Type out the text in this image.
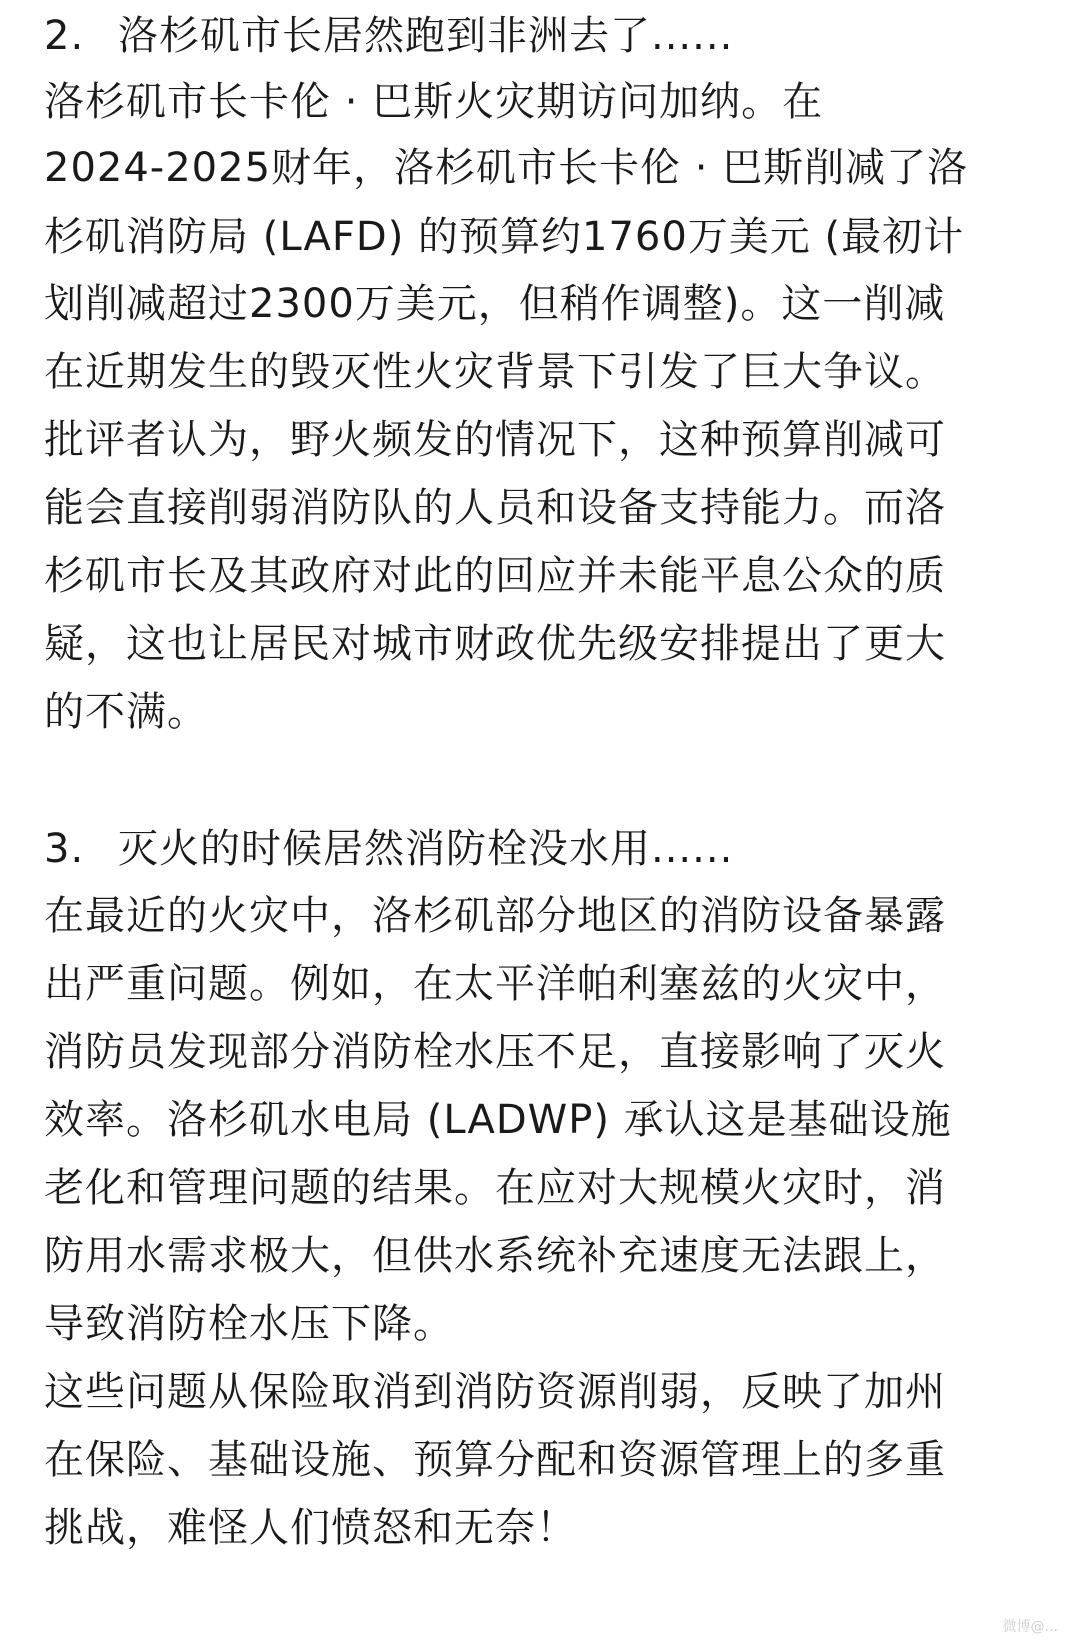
2. 洛杉矶市长居然跑到非洲去了......
洛杉矶市长卡伦 · 巴斯火灾期访问加纳。在
2024-2025财年，洛杉矶市长卡伦 · 巴斯削减了洛
杉矶消防局 (LAFD) 的预算约1760万美元 (最初计
划削减超过2300万美元，但稍作调整)。这一削减
在近期发生的毁灭性火灾背景下引发了巨大争议。
批评者认为，野火频发的情况下，这种预算削减可
能会直接削弱消防队的人员和设备支持能力。而洛
杉矶市长及其政府对此的回应并未能平息公众的质
疑，这也让居民对城市财政优先级安排提出了更大
的不满。
3. 灭火的时候居然消防栓没水用......
在最近的火灾中，洛杉矶部分地区的消防设备暴露
出严重问题。例如，在太平洋帕利塞兹的火灾中，
消防员发现部分消防栓水压不足，直接影响了灭火
效率。洛杉矶水电局 (LADWP) 承认这是基础设施
老化和管理问题的结果。在应对大规模火灾时，消
防用水需求极大，但供水系统补充速度无法跟上，
导致消防栓水压下降。
这些问题从保险取消到消防资源削弱，反映了加州
在保险、基础设施、预算分配和资源管理上的多重
挑战，难怪人们愤怒和无奈！
微博@...
